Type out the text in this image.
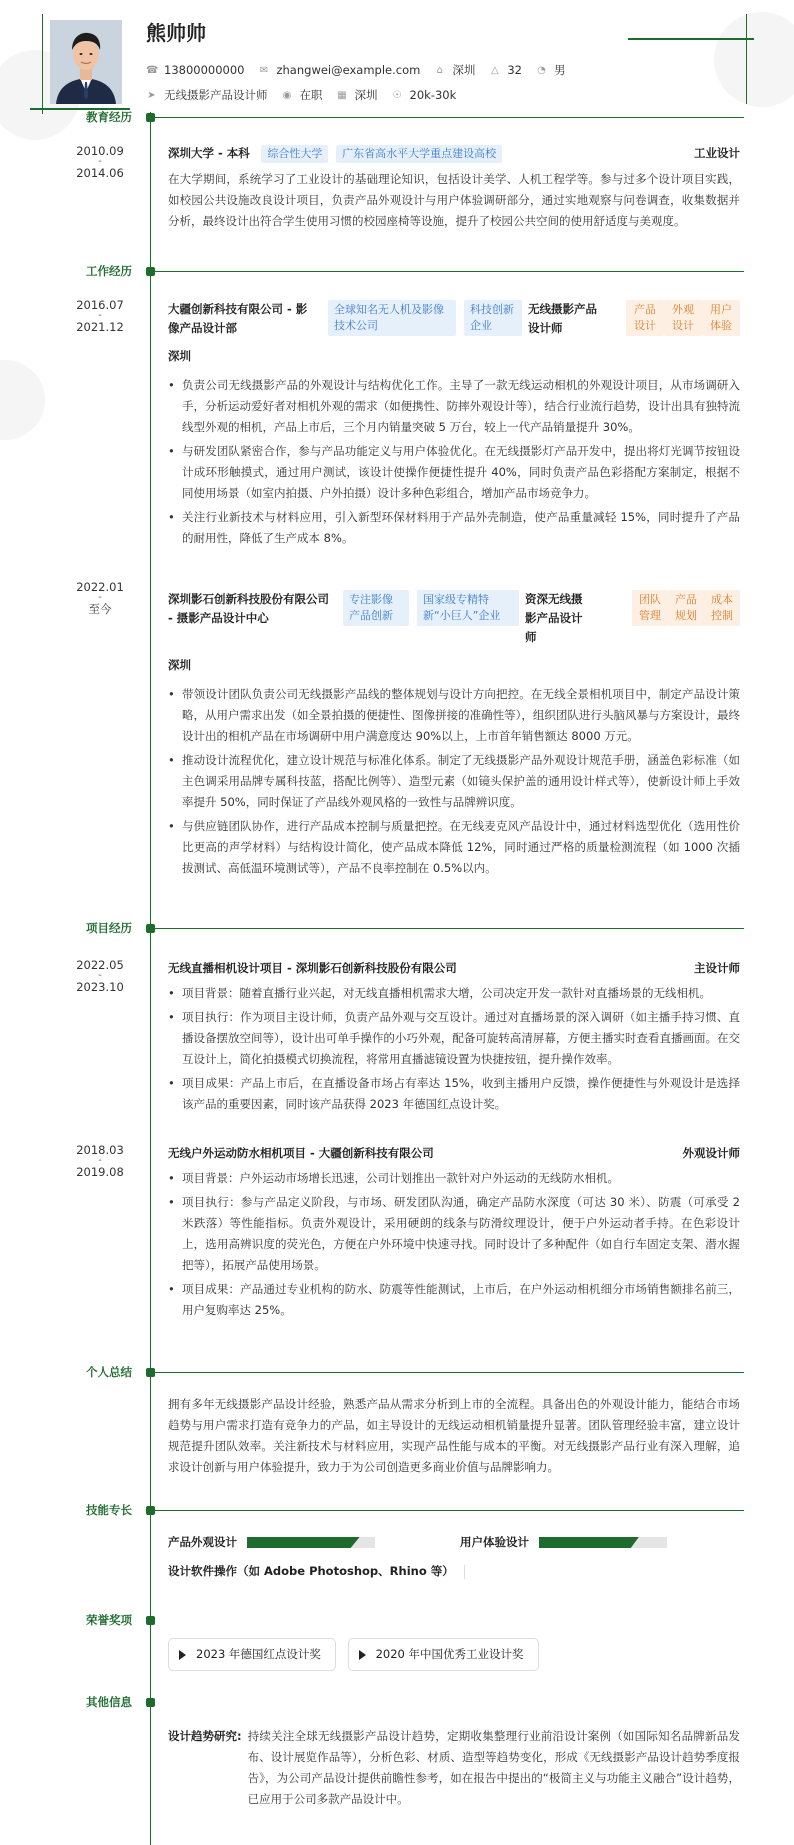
熊帅帅
☎ 13800000000 ✉ zhangwei@example.com ⌂ 深圳 △ 32 ◔ 男
➤ 无线摄影产品设计师 ◉ 在职 ▦ 深圳 ☉ 20k-30k
教育经历
2010.09
-
2014.06
深圳大学 - 本科 综合性大学 广东省高水平大学重点建设高校	工业设计
在大学期间，系统学习了工业设计的基础理论知识，包括设计美学、人机工程学等。参与过多个设计项目实践，如校园公共设施改良设计项目，负责产品外观设计与用户体验调研部分，通过实地观察与问卷调查，收集数据并分析，最终设计出符合学生使用习惯的校园座椅等设施，提升了校园公共空间的使用舒适度与美观度。
工作经历
2016.07
-
2021.12
大疆创新科技有限公司 - 影像产品设计部
全球知名无人机及影像技术公司
科技创新企业
无线摄影产品设计师
产品设计
外观设计
用户体验
深圳
• 负责公司无线摄影产品的外观设计与结构优化工作。主导了一款无线运动相机的外观设计项目，从市场调研入手，分析运动爱好者对相机外观的需求（如便携性、防摔外观设计等），结合行业流行趋势，设计出具有独特流线型外观的相机，产品上市后，三个月内销量突破 5 万台，较上一代产品销量提升 30%。
• 与研发团队紧密合作，参与产品功能定义与用户体验优化。在无线摄影灯产品开发中，提出将灯光调节按钮设计成环形触摸式，通过用户测试，该设计使操作便捷性提升 40%，同时负责产品色彩搭配方案制定，根据不同使用场景（如室内拍摄、户外拍摄）设计多种色彩组合，增加产品市场竞争力。
• 关注行业新技术与材料应用，引入新型环保材料用于产品外壳制造，使产品重量减轻 15%，同时提升了产品的耐用性，降低了生产成本 8%。
2022.01
-
至今
深圳影石创新科技股份有限公司 - 摄影产品设计中心
专注影像产品创新
国家级专精特新“小巨人”企业
资深无线摄影产品设计师
团队管理
产品规划
成本控制
深圳
• 带领设计团队负责公司无线摄影产品线的整体规划与设计方向把控。在无线全景相机项目中，制定产品设计策略，从用户需求出发（如全景拍摄的便捷性、图像拼接的准确性等），组织团队进行头脑风暴与方案设计，最终设计出的相机产品在市场调研中用户满意度达 90%以上，上市首年销售额达 8000 万元。
• 推动设计流程优化，建立设计规范与标准化体系。制定了无线摄影产品外观设计规范手册，涵盖色彩标准（如主色调采用品牌专属科技蓝，搭配比例等）、造型元素（如镜头保护盖的通用设计样式等），使新设计师上手效率提升 50%，同时保证了产品线外观风格的一致性与品牌辨识度。
• 与供应链团队协作，进行产品成本控制与质量把控。在无线麦克风产品设计中，通过材料选型优化（选用性价比更高的声学材料）与结构设计简化，使产品成本降低 12%，同时通过严格的质量检测流程（如 1000 次插拔测试、高低温环境测试等），产品不良率控制在 0.5%以内。
项目经历
2022.05
-
2023.10
无线直播相机设计项目 - 深圳影石创新科技股份有限公司	主设计师
• 项目背景：随着直播行业兴起，对无线直播相机需求大增，公司决定开发一款针对直播场景的无线相机。
• 项目执行：作为项目主设计师，负责产品外观与交互设计。通过对直播场景的深入调研（如主播手持习惯、直播设备摆放空间等），设计出可单手操作的小巧外观，配备可旋转高清屏幕，方便主播实时查看直播画面。在交互设计上，简化拍摄模式切换流程，将常用直播滤镜设置为快捷按钮，提升操作效率。
• 项目成果：产品上市后，在直播设备市场占有率达 15%，收到主播用户反馈，操作便捷性与外观设计是选择该产品的重要因素，同时该产品获得 2023 年德国红点设计奖。
2018.03
-
2019.08
无线户外运动防水相机项目 - 大疆创新科技有限公司	外观设计师
• 项目背景：户外运动市场增长迅速，公司计划推出一款针对户外运动的无线防水相机。
• 项目执行：参与产品定义阶段，与市场、研发团队沟通，确定产品防水深度（可达 30 米）、防震（可承受 2 米跌落）等性能指标。负责外观设计，采用硬朗的线条与防滑纹理设计，便于户外运动者手持。在色彩设计上，选用高辨识度的荧光色，方便在户外环境中快速寻找。同时设计了多种配件（如自行车固定支架、潜水握把等），拓展产品使用场景。
• 项目成果：产品通过专业机构的防水、防震等性能测试，上市后，在户外运动相机细分市场销售额排名前三，用户复购率达 25%。
个人总结
拥有多年无线摄影产品设计经验，熟悉产品从需求分析到上市的全流程。具备出色的外观设计能力，能结合市场趋势与用户需求打造有竞争力的产品，如主导设计的无线运动相机销量提升显著。团队管理经验丰富，建立设计规范提升团队效率。关注新技术与材料应用，实现产品性能与成本的平衡。对无线摄影产品行业有深入理解，追求设计创新与用户体验提升，致力于为公司创造更多商业价值与品牌影响力。
技能专长
产品外观设计	用户体验设计
设计软件操作（如 Adobe Photoshop、Rhino 等）
荣誉奖项
2023 年德国红点设计奖
	2020 年中国优秀工业设计奖
其他信息
设计趋势研究: 持续关注全球无线摄影产品设计趋势，定期收集整理行业前沿设计案例（如国际知名品牌新品发布、设计展览作品等），分析色彩、材质、造型等趋势变化，形成《无线摄影产品设计趋势季度报告》，为公司产品设计提供前瞻性参考，如在报告中提出的“极简主义与功能主义融合”设计趋势，已应用于公司多款产品设计中。
